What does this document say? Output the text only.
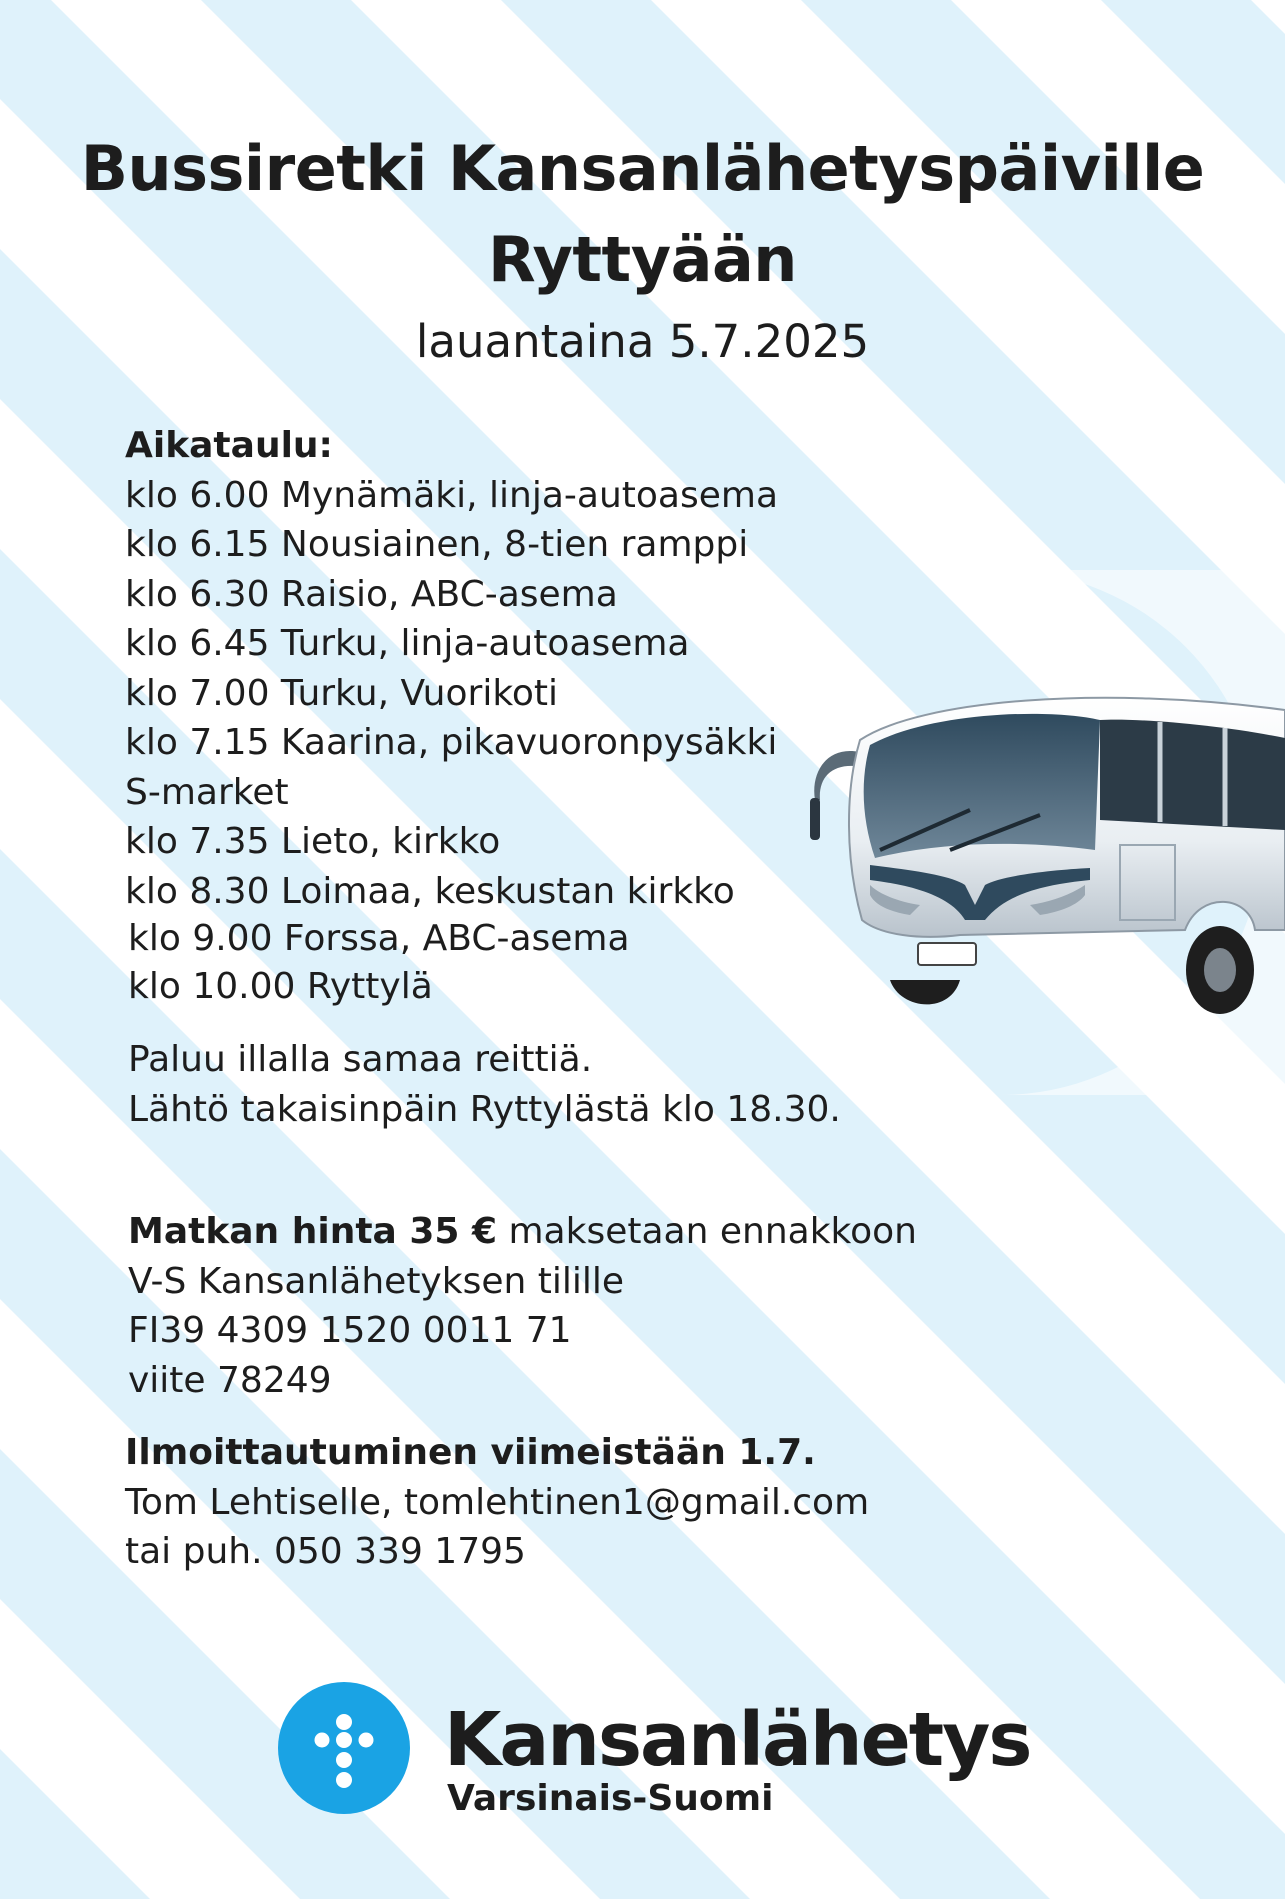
Bussiretki Kansanlähetyspäiville
Ryttyään
lauantaina 5.7.2025
Aikataulu:
klo 6.00 Mynämäki, linja-autoasema
klo 6.15 Nousiainen, 8-tien ramppi
klo 6.30 Raisio, ABC-asema
klo 6.45 Turku, linja-autoasema
klo 7.00 Turku, Vuorikoti
klo 7.15 Kaarina, pikavuoronpysäkki
S-market
klo 7.35 Lieto, kirkko
klo 8.30 Loimaa, keskustan kirkko
klo 9.00 Forssa, ABC-asema
klo 10.00 Ryttylä
Paluu illalla samaa reittiä.
Lähtö takaisinpäin Ryttylästä klo 18.30.
Matkan hinta 35 € maksetaan ennakkoon
V-S Kansanlähetyksen tilille
FI39 4309 1520 0011 71
viite 78249
Ilmoittautuminen viimeistään 1.7.
Tom Lehtiselle, tomlehtinen1@gmail.com
tai puh. 050 339 1795
Kansanlähetys
Varsinais-Suomi
